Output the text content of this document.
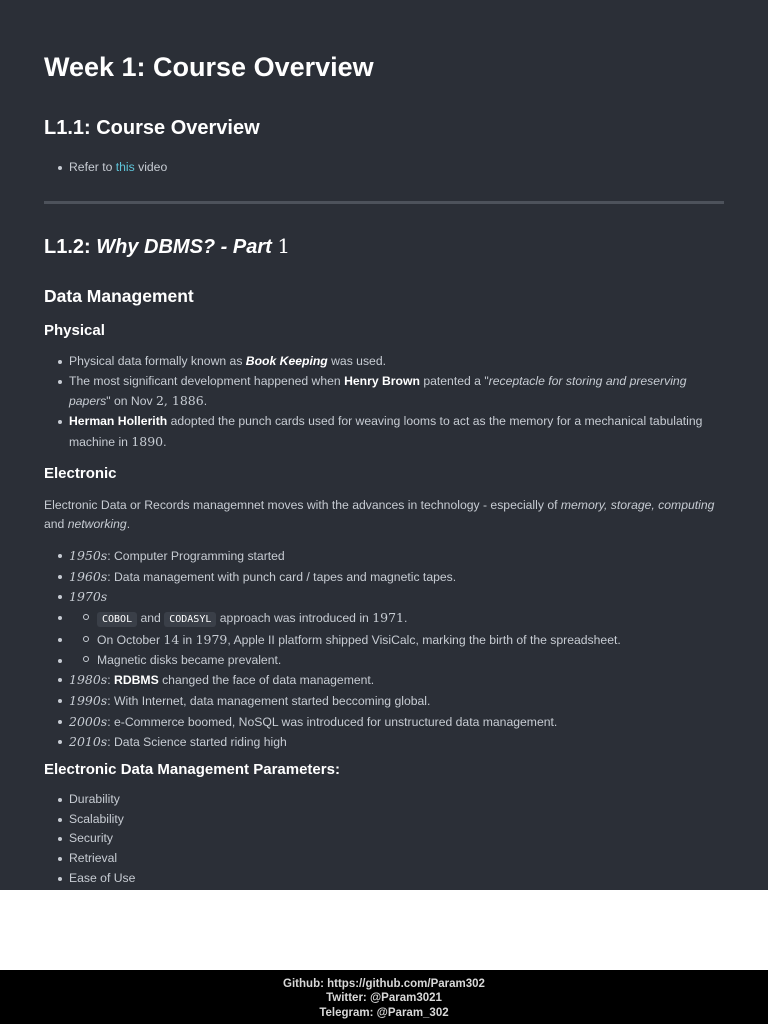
Week 1: Course Overview
L1.1: Course Overview
Refer to this video
L1.2: Why DBMS? - Part 1
Data Management
Physical
Physical data formally known as Book Keeping was used.
The most significant development happened when Henry Brown patented a "receptacle for storing and preserving papers" on Nov 2, 1886.
Herman Hollerith adopted the punch cards used for weaving looms to act as the memory for a mechanical tabulating machine in 1890.
Electronic

Electronic Data or Records managemnet moves with the advances in technology - especially of memory, storage, computing and networking.

1950s: Computer Programming started
1960s: Data management with punch card / tapes and magnetic tapes.
1970s
COBOL and CODASYL approach was introduced in 1971.
On October 14 in 1979, Apple II platform shipped VisiCalc, marking the birth of the spreadsheet.
Magnetic disks became prevalent.
1980s: RDBMS changed the face of data management.
1990s: With Internet, data management started beccoming global.
2000s: e-Commerce boomed, NoSQL was introduced for unstructured data management.
2010s: Data Science started riding high
Electronic Data Management Parameters:
Durability
Scalability
Security
Retrieval
Ease of Use
Github: https://github.com/Param302
Twitter: @Param3021
Telegram: @Param_302
